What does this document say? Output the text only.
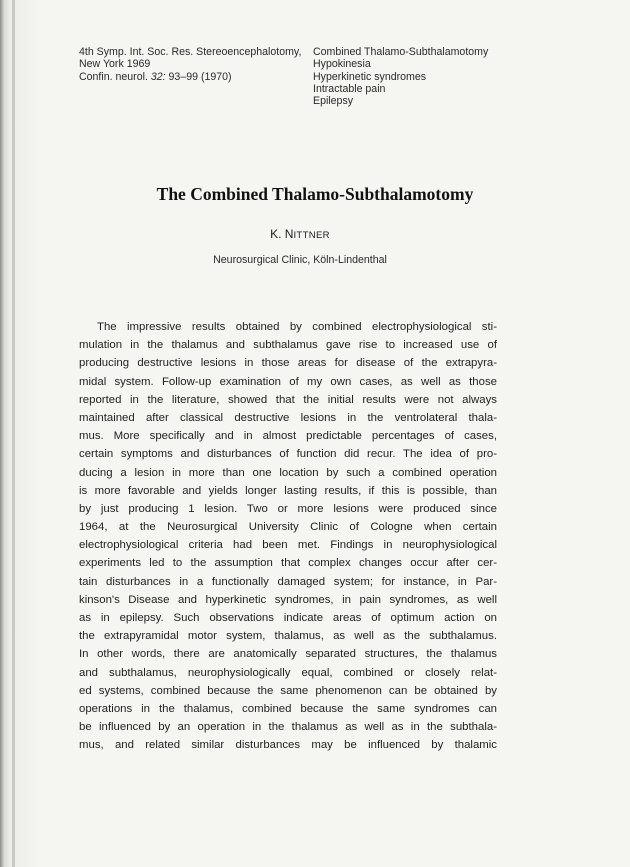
4th Symp. Int. Soc. Res. Stereoencephalotomy,
New York 1969
Confin. neurol. 32: 93–99 (1970)
Combined Thalamo-Subthalamotomy
Hypokinesia
Hyperkinetic syndromes
Intractable pain
Epilepsy
The Combined Thalamo-Subthalamotomy
K. NITTNER
Neurosurgical Clinic, Köln-Lindenthal
The impressive results obtained by combined electrophysiological sti-
mulation in the thalamus and subthalamus gave rise to increased use of
producing destructive lesions in those areas for disease of the extrapyra-
midal system. Follow-up examination of my own cases, as well as those
reported in the literature, showed that the initial results were not always
maintained after classical destructive lesions in the ventrolateral thala-
mus. More specifically and in almost predictable percentages of cases,
certain symptoms and disturbances of function did recur. The idea of pro-
ducing a lesion in more than one location by such a combined operation
is more favorable and yields longer lasting results, if this is possible, than
by just producing 1 lesion. Two or more lesions were produced since
1964, at the Neurosurgical University Clinic of Cologne when certain
electrophysiological criteria had been met. Findings in neurophysiological
experiments led to the assumption that complex changes occur after cer-
tain disturbances in a functionally damaged system; for instance, in Par-
kinson's Disease and hyperkinetic syndromes, in pain syndromes, as well
as in epilepsy. Such observations indicate areas of optimum action on
the extrapyramidal motor system, thalamus, as well as the subthalamus.
In other words, there are anatomically separated structures, the thalamus
and subthalamus, neurophysiologically equal, combined or closely relat-
ed systems, combined because the same phenomenon can be obtained by
operations in the thalamus, combined because the same syndromes can
be influenced by an operation in the thalamus as well as in the subthala-
mus, and related similar disturbances may be influenced by thalamic
